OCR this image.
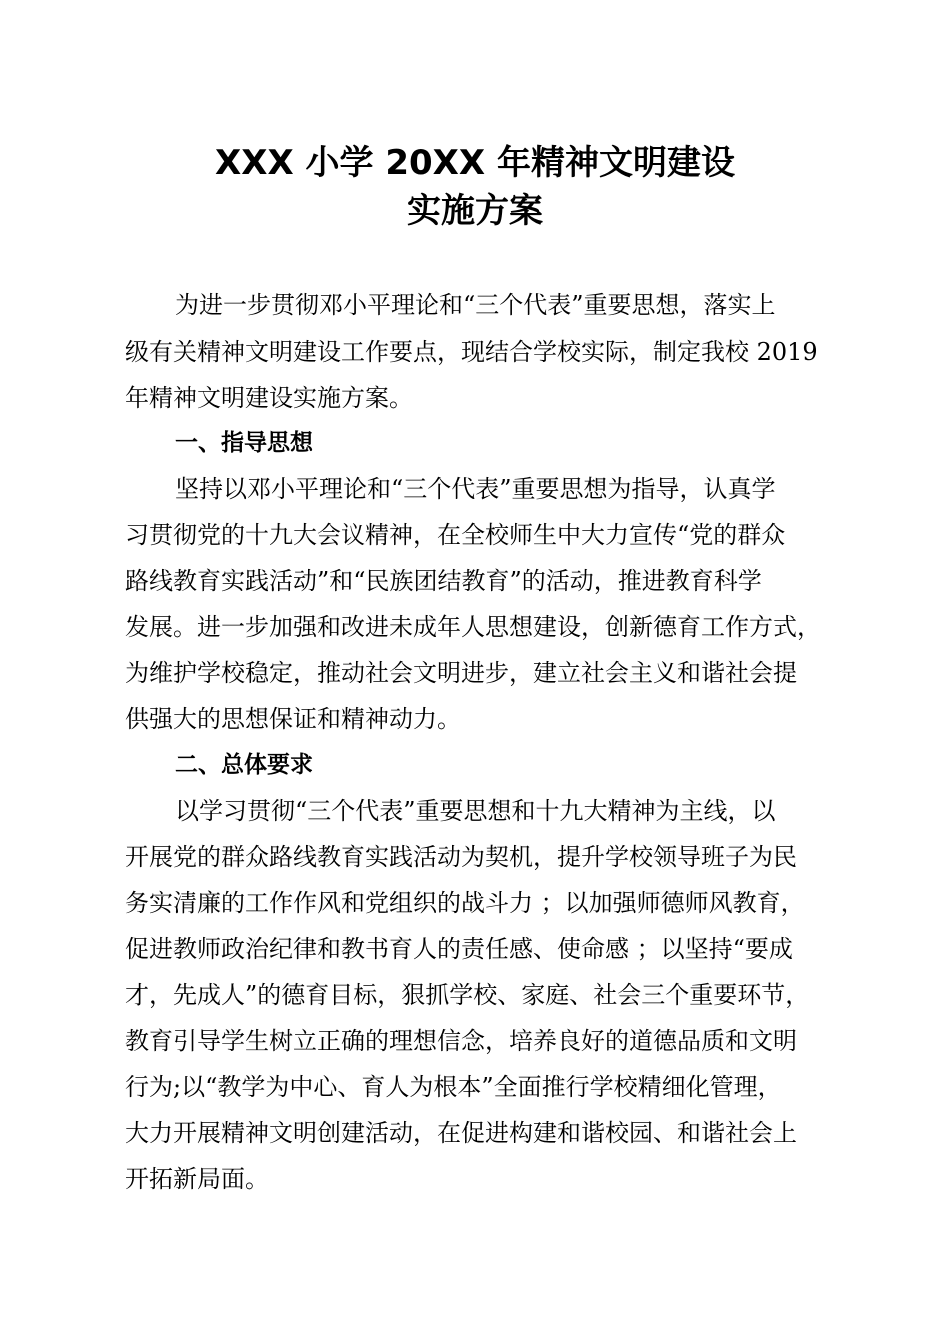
XXX 小学 20XX 年精神文明建设
实施方案
为进一步贯彻邓小平理论和“三个代表”重要思想，落实上
级有关精神文明建设工作要点，现结合学校实际，制定我校 2019
年精神文明建设实施方案。
一、指导思想
坚持以邓小平理论和“三个代表”重要思想为指导，认真学
习贯彻党的十九大会议精神，在全校师生中大力宣传“党的群众
路线教育实践活动”和“民族团结教育”的活动，推进教育科学
发展。进一步加强和改进未成年人思想建设，创新德育工作方式，
为维护学校稳定，推动社会文明进步，建立社会主义和谐社会提
供强大的思想保证和精神动力。
二、总体要求
以学习贯彻“三个代表”重要思想和十九大精神为主线，以
开展党的群众路线教育实践活动为契机，提升学校领导班子为民
务实清廉的工作作风和党组织的战斗力 ；以加强师德师风教育，
促进教师政治纪律和教书育人的责任感、使命感 ；以坚持“要成
才，先成人”的德育目标，狠抓学校、家庭、社会三个重要环节，
教育引导学生树立正确的理想信念，培养良好的道德品质和文明
行为;以“教学为中心、育人为根本”全面推行学校精细化管理，
大力开展精神文明创建活动，在促进构建和谐校园、和谐社会上
开拓新局面。
